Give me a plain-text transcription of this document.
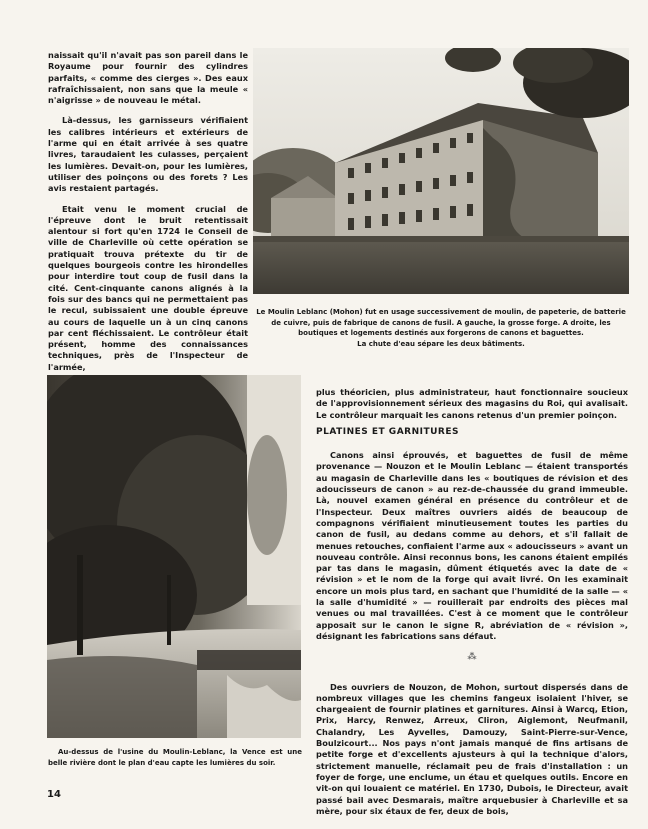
naissait qu'il n'avait pas son pareil dans le Royaume pour fournir des cylindres parfaits, « comme des cierges ». Des eaux rafraîchissaient, non sans que la meule « n'aigrisse » de nouveau le métal.

Là-dessus, les garnisseurs vérifiaient les calibres intérieurs et extérieurs de l'arme qui en était arrivée à ses quatre livres, taraudaient les culasses, perçaient les lumières. Devait-on, pour les lumières, utiliser des poinçons ou des forets ? Les avis restaient partagés.

Etait venu le moment crucial de l'épreuve dont le bruit retentissait alentour si fort qu'en 1724 le Conseil de ville de Charleville où cette opération se pratiquait trouva prétexte du tir de quelques bourgeois contre les hirondelles pour interdire tout coup de fusil dans la cité. Cent-cinquante canons alignés à la fois sur des bancs qui ne permettaient pas le recul, subissaient une double épreuve au cours de laquelle un à un cinq canons par cent fléchissaient. Le contrôleur était présent, homme des connaissances techniques, près de l'Inspecteur de l'armée,

Le Moulin Leblanc (Mohon) fut en usage successivement de moulin, de papeterie, de batterie de cuivre, puis de fabrique de canons de fusil. A gauche, la grosse forge. A droite, les boutiques et logements destinés aux forgerons de canons et baguettes.
La chute d'eau sépare les deux bâtiments.
Au-dessus de l'usine du Moulin-Leblanc, la Vence est une belle rivière dont le plan d'eau capte les lumières du soir.

plus théoricien, plus administrateur, haut fonctionnaire soucieux de l'approvisionnement sérieux des magasins du Roi, qui avalisait. Le contrôleur marquait les canons retenus d'un premier poinçon.

PLATINES ET GARNITURES

Canons ainsi éprouvés, et baguettes de fusil de même provenance — Nouzon et le Moulin Leblanc — étaient transportés au magasin de Charleville dans les « boutiques de révision et des adoucisseurs de canon » au rez-de-chaussée du grand immeuble. Là, nouvel examen général en présence du contrôleur et de l'Inspecteur. Deux maîtres ouvriers aidés de beaucoup de compagnons vérifiaient minutieusement toutes les parties du canon de fusil, au dedans comme au dehors, et s'il fallait de menues retouches, confiaient l'arme aux « adoucisseurs » avant un nouveau contrôle. Ainsi reconnus bons, les canons étaient empilés par tas dans le magasin, dûment étiquetés avec la date de « révision » et le nom de la forge qui avait livré. On les examinait encore un mois plus tard, en sachant que l'humidité de la salle — « la salle d'humidité » — rouillerait par endroits des pièces mal venues ou mal travaillées. C'est à ce moment que le contrôleur apposait sur le canon le signe R, abréviation de « révision », désignant les fabrications sans défaut.

⁂

Des ouvriers de Nouzon, de Mohon, surtout dispersés dans de nombreux villages que les chemins fangeux isolaient l'hiver, se chargeaient de fournir platines et garnitures. Ainsi à Warcq, Etion, Prix, Harcy, Renwez, Arreux, Cliron, Aiglemont, Neufmanil, Chalandry, Les Ayvelles, Damouzy, Saint-Pierre-sur-Vence, Boulzicourt... Nos pays n'ont jamais manqué de fins artisans de petite forge et d'excellents ajusteurs à qui la technique d'alors, strictement manuelle, réclamait peu de frais d'installation : un foyer de forge, une enclume, un étau et quelques outils. Encore en vit-on qui louaient ce matériel. En 1730, Dubois, le Directeur, avait passé bail avec Desmarais, maître arquebusier à Charleville et sa mère, pour six étaux de fer, deux de bois,

14
